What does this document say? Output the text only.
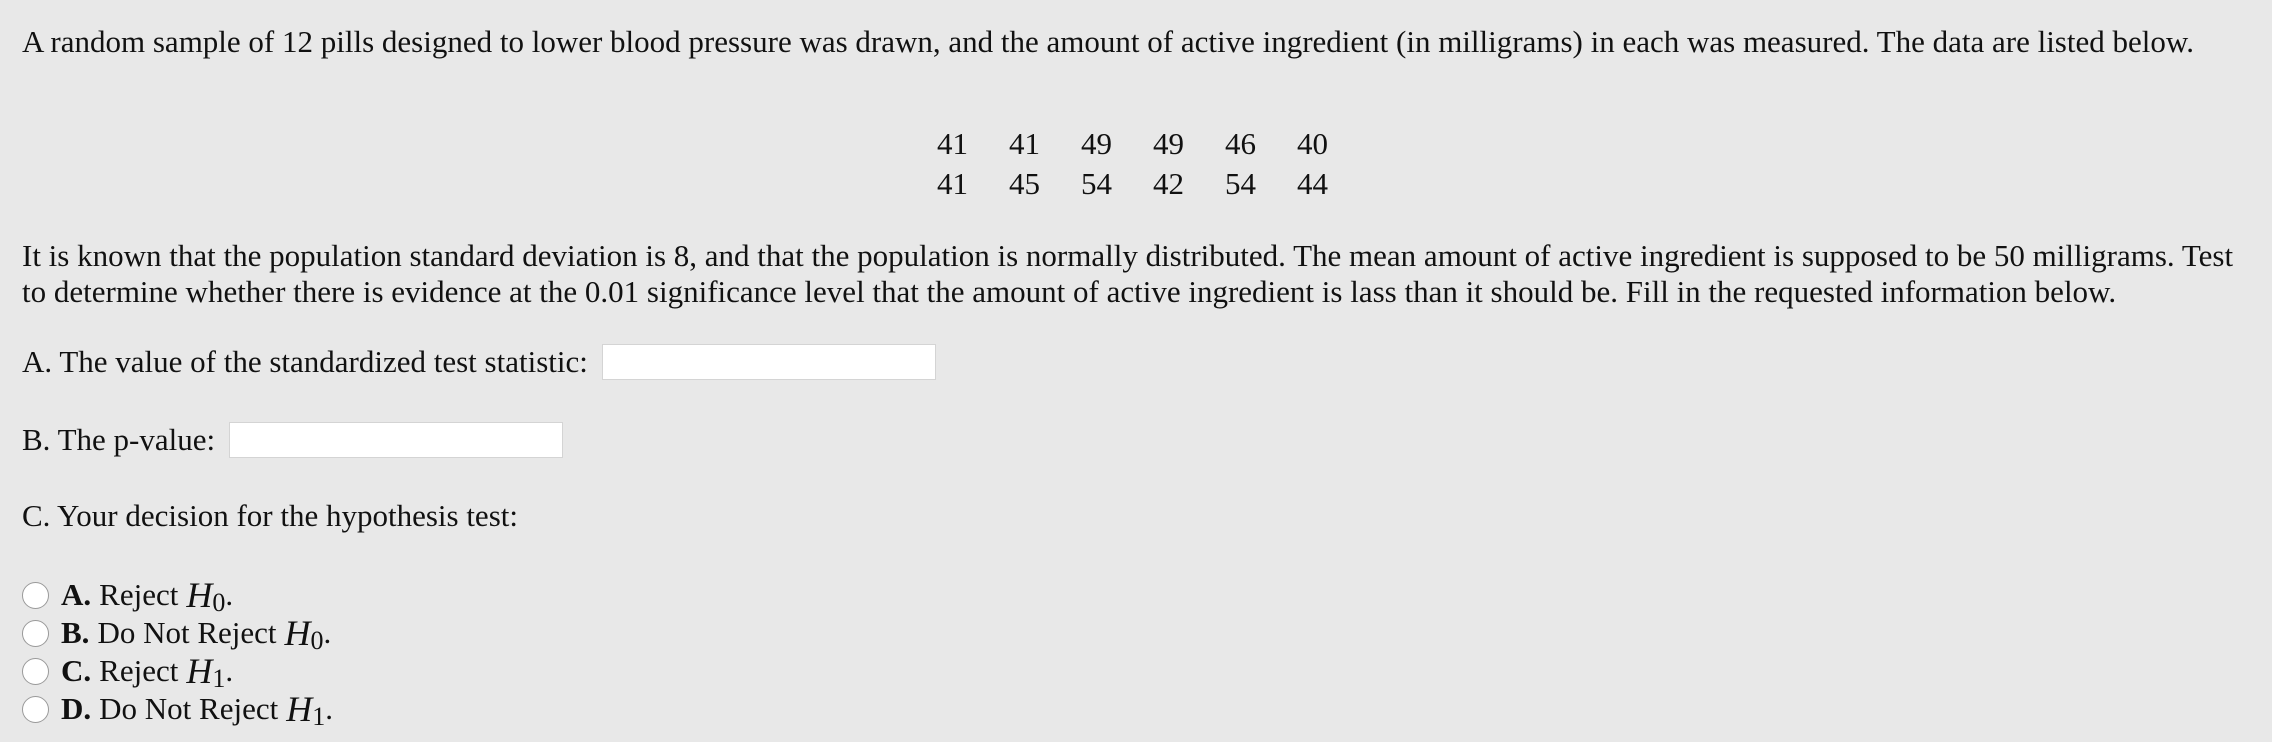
A random sample of 12 pills designed to lower blood pressure was drawn, and the amount of active ingredient (in milligrams) in each was measured. The data are listed below.

41	41	49	49	46	40
41	45	54	42	54	44

It is known that the population standard deviation is 8, and that the population is normally distributed. The mean amount of active ingredient is supposed to be 50 milligrams. Test to determine whether there is evidence at the 0.01 significance level that the amount of active ingredient is lass than it should be. Fill in the requested information below.

A. The value of the standardized test statistic:
B. The p-value:
C. Your decision for the hypothesis test:
A. Reject H0 .
B. Do Not Reject H0 .
C. Reject H1 .
D. Do Not Reject H1 .
